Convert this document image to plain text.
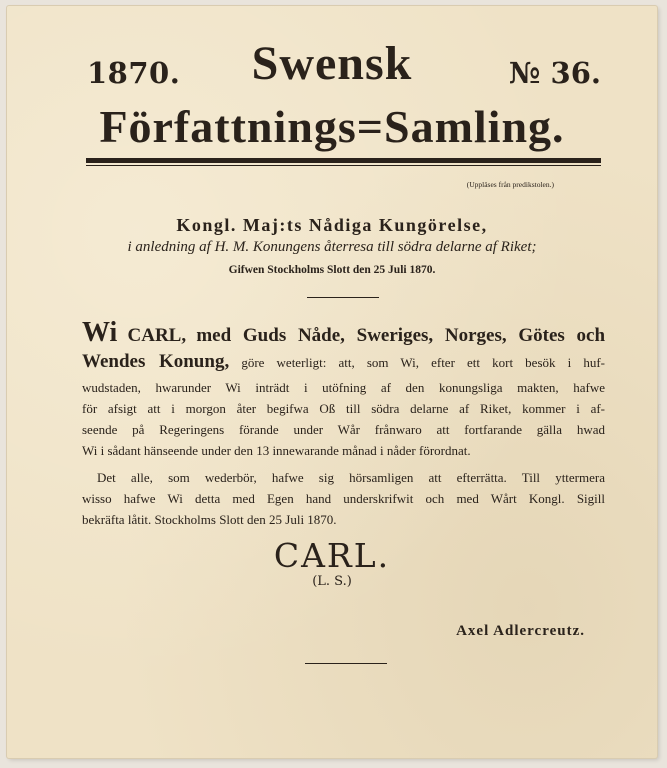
1870.	Swensk	№ 36.
Författnings=Samling.
(Uppläses från predikstolen.)
Kongl. Maj:ts Nådiga Kungörelse,
i anledning af H. M. Konungens återresa till södra delarne af Riket;
Gifwen Stockholms Slott den 25 Juli 1870.
Wi CARL, med Guds Nåde, Sweriges, Norges, Götes och
Wendes Konung, göre weterligt: att, som Wi, efter ett kort besök i huf-
wudstaden, hwarunder Wi inträdt i utöfning af den konungsliga makten, hafwe
för afsigt att i morgon åter begifwa Oß till södra delarne af Riket, kommer i af-
seende på Regeringens förande under Wår frånwaro att fortfarande gälla hwad
Wi i sådant hänseende under den 13 innewarande månad i nåder förordnat.
Det alle, som wederbör, hafwe sig hörsamligen att efterrätta. Till yttermera
wisso hafwe Wi detta med Egen hand underskrifwit och med Wårt Kongl. Sigill
bekräfta låtit. Stockholms Slott den 25 Juli 1870.
CARL.
(L. S.)
Axel Adlercreutz.
